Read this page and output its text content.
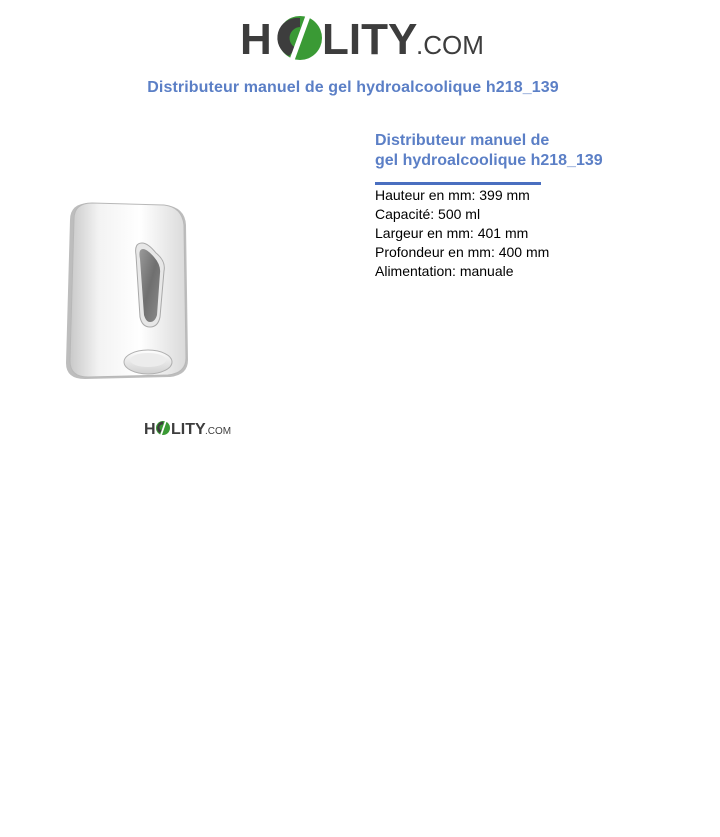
H LITY
.COM
Distributeur manuel de gel hydroalcoolique h218_139
H LITY .COM
Distributeur manuel de
gel hydroalcoolique h218_139
Hauteur en mm: 399 mm
Capacité: 500 ml
Largeur en mm: 401 mm
Profondeur en mm: 400 mm
Alimentation: manuale
